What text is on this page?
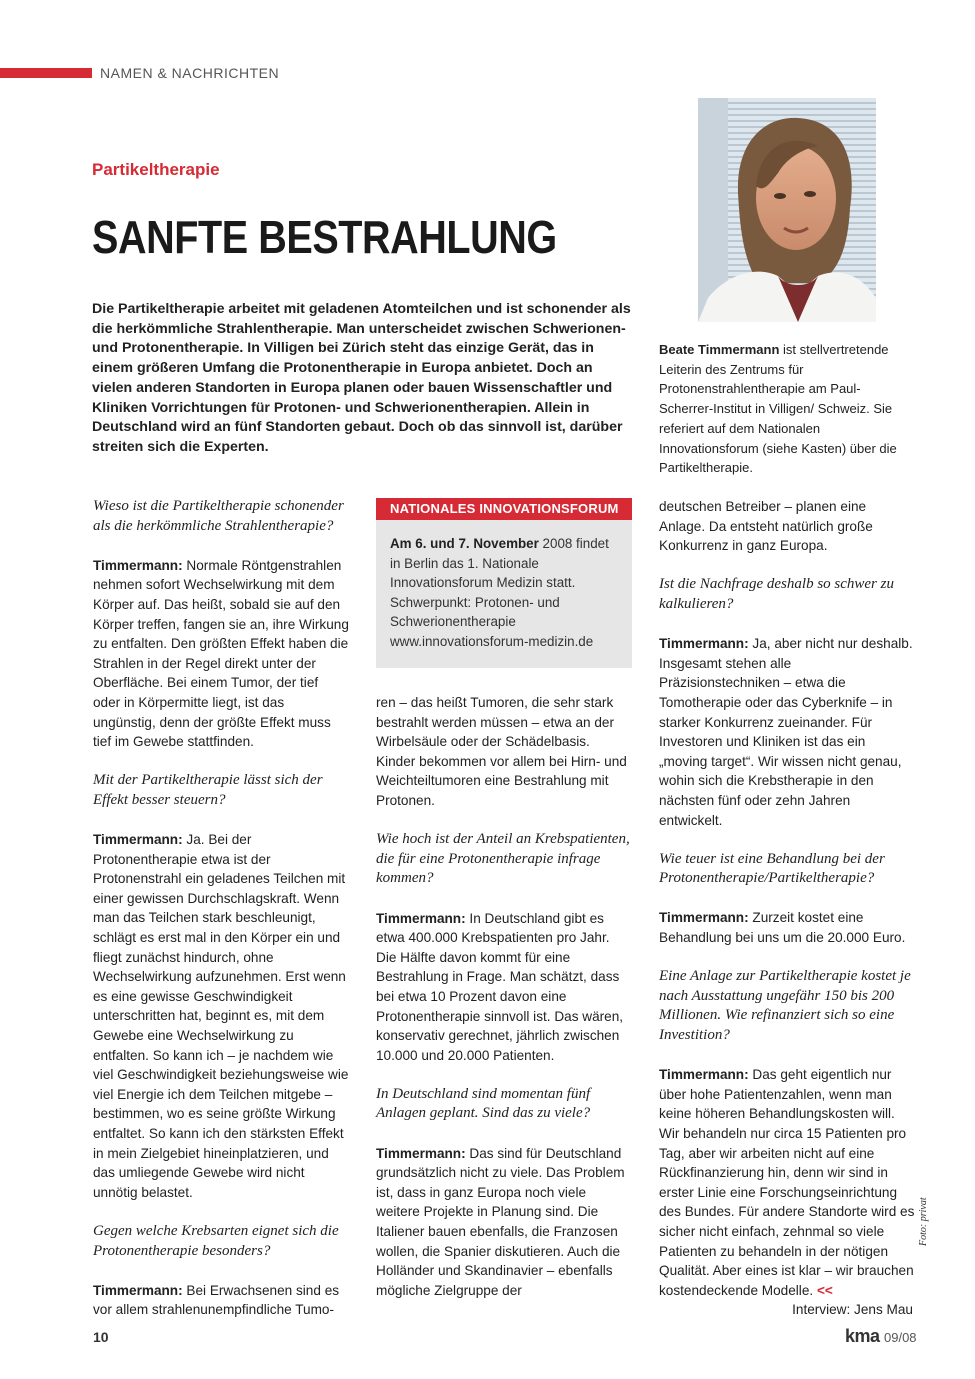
NAMEN & NACHRICHTEN
Partikeltherapie
SANFTE BESTRAHLUNG

Die Partikeltherapie arbeitet mit geladenen Atomteilchen und ist schonender als die herkömmliche Strahlentherapie. Man unterscheidet zwischen Schwerionen- und Protonentherapie. In Villigen bei Zürich steht das einzige Gerät, das in einem größeren Umfang die Protonentherapie in Europa anbietet. Doch an vielen anderen Standorten in Europa planen oder bauen Wissenschaftler und Kliniken Vorrichtungen für Protonen- und Schwerionentherapien. Allein in Deutschland wird an fünf Standorten gebaut. Doch ob das sinnvoll ist, darüber streiten sich die Experten.

Beate Timmermann ist stellvertretende Leiterin des Zentrums für Protonenstrahlentherapie am Paul-Scherrer-Institut in Villigen/ Schweiz. Sie referiert auf dem Nationalen Innovationsforum (siehe Kasten) über die Partikeltherapie.

Wieso ist die Partikeltherapie schonender als die herkömmliche Strahlentherapie?

Timmermann: Normale Röntgenstrahlen nehmen sofort Wechselwirkung mit dem Körper auf. Das heißt, sobald sie auf den Körper treffen, fangen sie an, ihre Wirkung zu entfalten. Den größten Effekt haben die Strahlen in der Regel direkt unter der Oberfläche. Bei einem Tumor, der tief oder in Körpermitte liegt, ist das ungünstig, denn der größte Effekt muss tief im Gewebe stattfinden.

Mit der Partikeltherapie lässt sich der Effekt besser steuern?

Timmermann: Ja. Bei der Protonentherapie etwa ist der Protonenstrahl ein geladenes Teilchen mit einer gewissen Durchschlagskraft. Wenn man das Teilchen stark beschleunigt, schlägt es erst mal in den Körper ein und fliegt zunächst hindurch, ohne Wechselwirkung aufzunehmen. Erst wenn es eine gewisse Geschwindigkeit unterschritten hat, beginnt es, mit dem Gewebe eine Wechselwirkung zu entfalten. So kann ich – je nachdem wie viel Geschwindigkeit beziehungsweise wie viel Energie ich dem Teilchen mitgebe – bestimmen, wo es seine größte Wirkung entfaltet. So kann ich den stärksten Effekt in mein Zielgebiet hineinplatzieren, und das umliegende Gewebe wird nicht unnötig belastet.

Gegen welche Krebsarten eignet sich die Protonentherapie besonders?

Timmermann: Bei Erwachsenen sind es vor allem strahlenunempfindliche Tumo-

NATIONALES INNOVATIONSFORUM

Am 6. und 7. November 2008 findet in Berlin das 1. Nationale Innovationsforum Medizin statt.
Schwerpunkt: Protonen- und Schwerionentherapie
www.innovationsforum-medizin.de

ren – das heißt Tumoren, die sehr stark bestrahlt werden müssen – etwa an der Wirbelsäule oder der Schädelbasis. Kinder bekommen vor allem bei Hirn- und Weichteiltumoren eine Bestrahlung mit Protonen.

Wie hoch ist der Anteil an Krebspatienten, die für eine Protonentherapie infrage kommen?

Timmermann: In Deutschland gibt es etwa 400.000 Krebspatienten pro Jahr. Die Hälfte davon kommt für eine Bestrahlung in Frage. Man schätzt, dass bei etwa 10 Prozent davon eine Protonentherapie sinnvoll ist. Das wären, konservativ gerechnet, jährlich zwischen 10.000 und 20.000 Patienten.

In Deutschland sind momentan fünf Anlagen geplant. Sind das zu viele?

Timmermann: Das sind für Deutschland grundsätzlich nicht zu viele. Das Problem ist, dass in ganz Europa noch viele weitere Projekte in Planung sind. Die Italiener bauen ebenfalls, die Franzosen wollen, die Spanier diskutieren. Auch die Holländer und Skandinavier – ebenfalls mögliche Zielgruppe der

deutschen Betreiber – planen eine Anlage. Da entsteht natürlich große Konkurrenz in ganz Europa.

Ist die Nachfrage deshalb so schwer zu kalkulieren?

Timmermann: Ja, aber nicht nur deshalb. Insgesamt stehen alle Präzisionstechniken – etwa die Tomotherapie oder das Cyberknife – in starker Konkurrenz zueinander. Für Investoren und Kliniken ist das ein „moving target“. Wir wissen nicht genau, wohin sich die Krebstherapie in den nächsten fünf oder zehn Jahren entwickelt.

Wie teuer ist eine Behandlung bei der Protonentherapie/Partikeltherapie?

Timmermann: Zurzeit kostet eine Behandlung bei uns um die 20.000 Euro.

Eine Anlage zur Partikeltherapie kostet je nach Ausstattung ungefähr 150 bis 200 Millionen. Wie refinanziert sich so eine Investition?

Timmermann: Das geht eigentlich nur über hohe Patientenzahlen, wenn man keine höheren Behandlungskosten will. Wir behandeln nur circa 15 Patienten pro Tag, aber wir arbeiten nicht auf eine Rückfinanzierung hin, denn wir sind in erster Linie eine Forschungseinrichtung des Bundes. Für andere Standorte wird es sicher nicht einfach, zehnmal so viele Patienten zu behandeln in der nötigen Qualität. Aber eines ist klar – wir brauchen kostendeckende Modelle. <<
Interview: Jens Mau

Foto: privat
10	kma 09/08
